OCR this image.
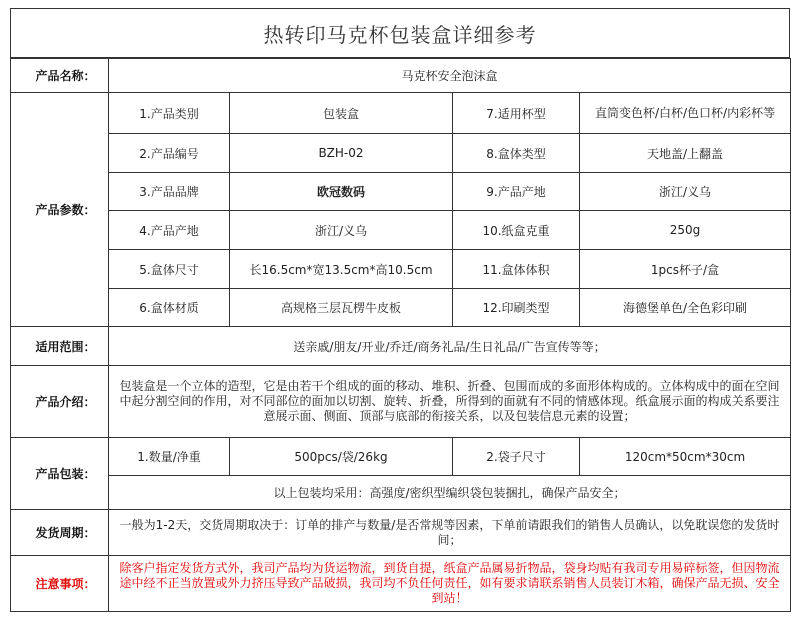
热转印马克杯包装盒详细参考
产品名称：	马克杯安全泡沫盒			
产品参数：	1.产品类别	包装盒	7.适用杯型	直筒变色杯/白杯/色口杯/内彩杯等
	2.产品编号	BZH-02	8.盒体类型	天地盖/上翻盖
	3.产品品牌	欧冠数码	9.产品产地	浙江/义乌
	4.产品产地	浙江/义乌	10.纸盒克重	250g
	5.盒体尺寸	长16.5cm*宽13.5cm*高10.5cm	11.盒体体积	1pcs杯子/盒
	6.盒体材质	高规格三层瓦楞牛皮板	12.印刷类型	海德堡单色/全色彩印刷
适用范围：	送亲戚/朋友/开业/乔迁/商务礼品/生日礼品/广告宣传等等；			
产品介绍：	包装盒是一个立体的造型，它是由若干个组成的面的移动、堆积、折叠、包围而成的多面形体构成的。立体构成中的面在空间中起分割空间的作用，对不同部位的面加以切割、旋转、折叠，所得到的面就有不同的情感体现。纸盒展示面的构成关系要注意展示面、侧面、顶部与底部的衔接关系，以及包装信息元素的设置；			
产品包装：	1.数量/净重	500pcs/袋/26kg	2.袋子尺寸	120cm*50cm*30cm
	以上包装均采用：高强度/密织型编织袋包装捆扎，确保产品安全；			
发货周期：	一般为1-2天，交货周期取决于：订单的排产与数量/是否常规等因素，下单前请跟我们的销售人员确认，以免耽误您的发货时间；			
注意事项：	除客户指定发货方式外，我司产品均为货运物流，到货自提，纸盒产品属易折物品，袋身均贴有我司专用易碎标签，但因物流途中经不正当放置或外力挤压导致产品破损，我司均不负任何责任，如有要求请联系销售人员装订木箱，确保产品无损、安全到站！			
